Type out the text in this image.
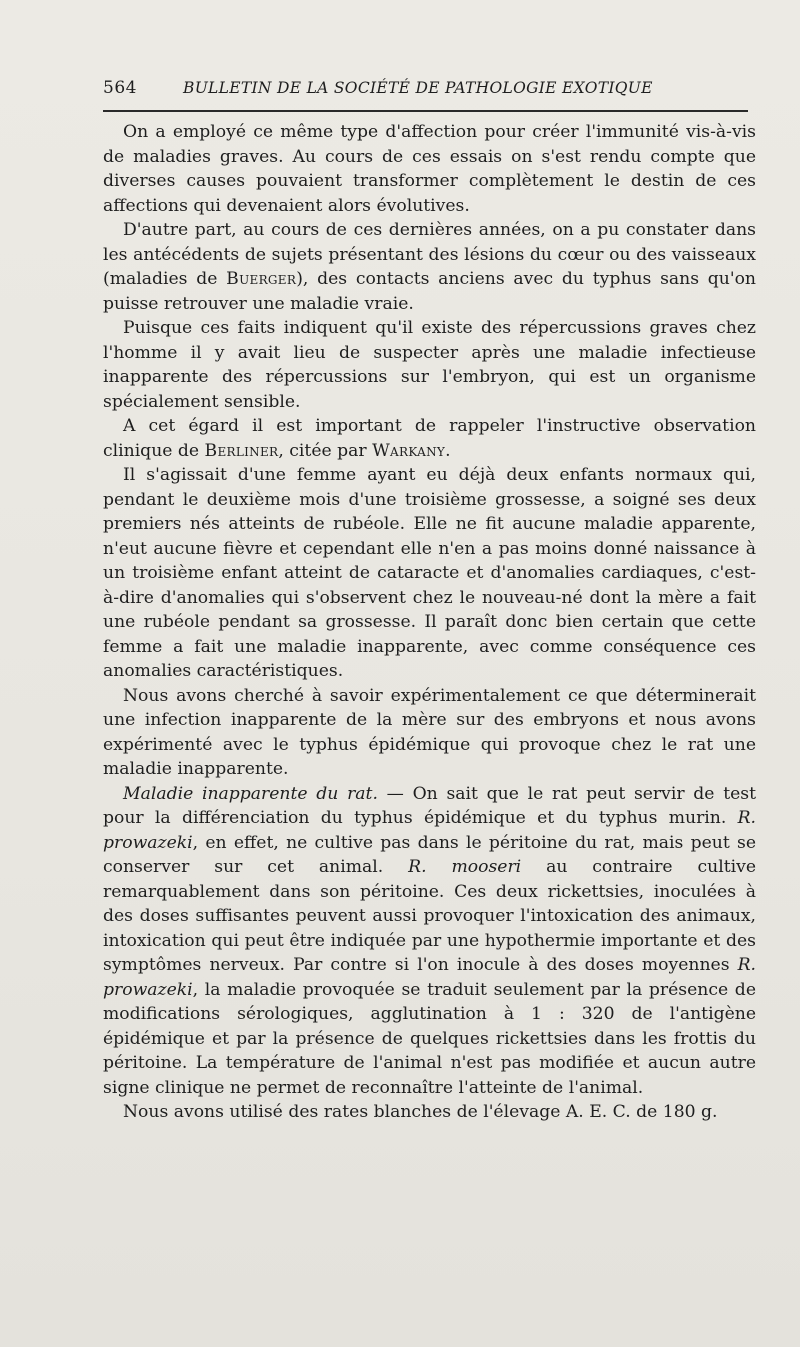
564	BULLETIN DE LA SOCIÉTÉ DE PATHOLOGIE EXOTIQUE

On a employé ce même type d'affection pour créer l'immunité vis-à-vis de maladies graves. Au cours de ces essais on s'est rendu compte que diverses causes pouvaient transformer complètement le destin de ces affections qui devenaient alors évolutives.

D'autre part, au cours de ces dernières années, on a pu constater dans les antécédents de sujets présentant des lésions du cœur ou des vaisseaux (maladies de Buerger), des contacts anciens avec du typhus sans qu'on puisse retrouver une maladie vraie.

Puisque ces faits indiquent qu'il existe des répercussions graves chez l'homme il y avait lieu de suspecter après une maladie infectieuse inapparente des répercussions sur l'embryon, qui est un organisme spécialement sensible.

A cet égard il est important de rappeler l'instructive observation clinique de Berliner, citée par Warkany.

Il s'agissait d'une femme ayant eu déjà deux enfants normaux qui, pendant le deuxième mois d'une troisième grossesse, a soigné ses deux premiers nés atteints de rubéole. Elle ne fit aucune maladie apparente, n'eut aucune fièvre et cependant elle n'en a pas moins donné naissance à un troisième enfant atteint de cataracte et d'anomalies cardiaques, c'est-à-dire d'anomalies qui s'observent chez le nouveau-né dont la mère a fait une rubéole pendant sa grossesse. Il paraît donc bien certain que cette femme a fait une maladie inapparente, avec comme conséquence ces anomalies caractéristiques.

Nous avons cherché à savoir expérimentalement ce que déterminerait une infection inapparente de la mère sur des embryons et nous avons expérimenté avec le typhus épidémique qui provoque chez le rat une maladie inapparente.

Maladie inapparente du rat. — On sait que le rat peut servir de test pour la différenciation du typhus épidémique et du typhus murin. R. prowazeki, en effet, ne cultive pas dans le péritoine du rat, mais peut se conserver sur cet animal. R. mooseri au contraire cultive remarquablement dans son péritoine. Ces deux rickettsies, inoculées à des doses suffisantes peuvent aussi provoquer l'intoxication des animaux, intoxication qui peut être indiquée par une hypothermie importante et des symptômes nerveux. Par contre si l'on inocule à des doses moyennes R. prowazeki, la maladie provoquée se traduit seulement par la présence de modifications sérologiques, agglutination à 1 : 320 de l'antigène épidémique et par la présence de quelques rickettsies dans les frottis du péritoine. La température de l'animal n'est pas modifiée et aucun autre signe clinique ne permet de reconnaître l'atteinte de l'animal.

Nous avons utilisé des rates blanches de l'élevage A. E. C. de 180 g.
